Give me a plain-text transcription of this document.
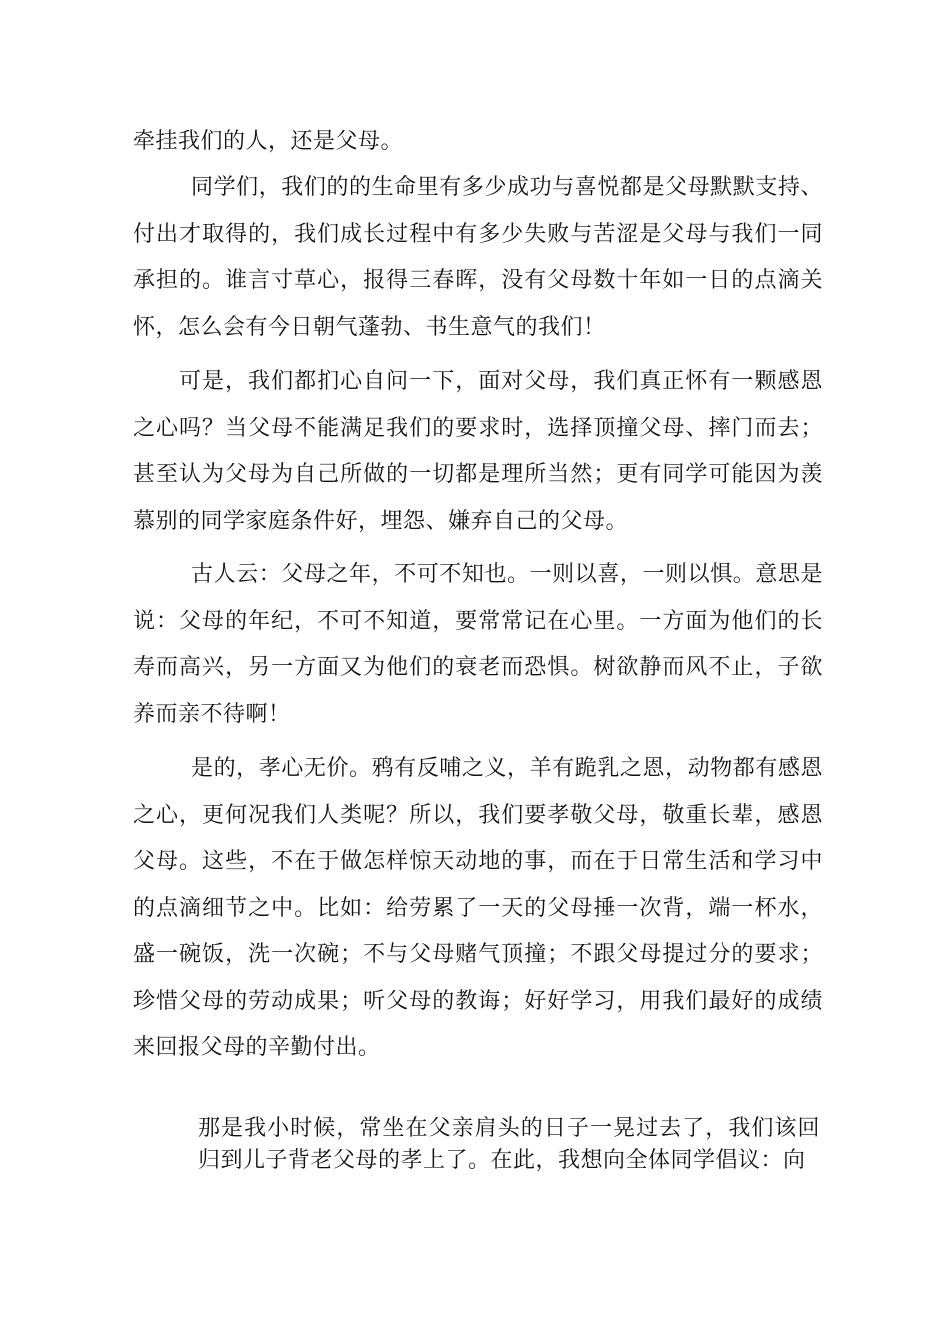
牵挂我们的人，还是父母。

同学们，我们的的生命里有多少成功与喜悦都是父母默默支持、付出才取得的，我们成长过程中有多少失败与苦涩是父母与我们一同承担的。谁言寸草心，报得三春晖，没有父母数十年如一日的点滴关怀，怎么会有今日朝气蓬勃、书生意气的我们！

可是，我们都扪心自问一下，面对父母，我们真正怀有一颗感恩之心吗？当父母不能满足我们的要求时，选择顶撞父母、摔门而去；甚至认为父母为自己所做的一切都是理所当然；更有同学可能因为羡慕别的同学家庭条件好，埋怨、嫌弃自己的父母。

古人云：父母之年，不可不知也。一则以喜，一则以惧。意思是说：父母的年纪，不可不知道，要常常记在心里。一方面为他们的长寿而高兴，另一方面又为他们的衰老而恐惧。树欲静而风不止，子欲养而亲不待啊！

是的，孝心无价。鸦有反哺之义，羊有跪乳之恩，动物都有感恩之心，更何况我们人类呢？所以，我们要孝敬父母，敬重长辈，感恩父母。这些，不在于做怎样惊天动地的事，而在于日常生活和学习中的点滴细节之中。比如：给劳累了一天的父母捶一次背，端一杯水，盛一碗饭，洗一次碗；不与父母赌气顶撞；不跟父母提过分的要求；珍惜父母的劳动成果；听父母的教诲；好好学习，用我们最好的成绩来回报父母的辛勤付出。

那是我小时候，常坐在父亲肩头的日子一晃过去了，我们该回归到儿子背老父母的孝上了。在此，我想向全体同学倡议：向
